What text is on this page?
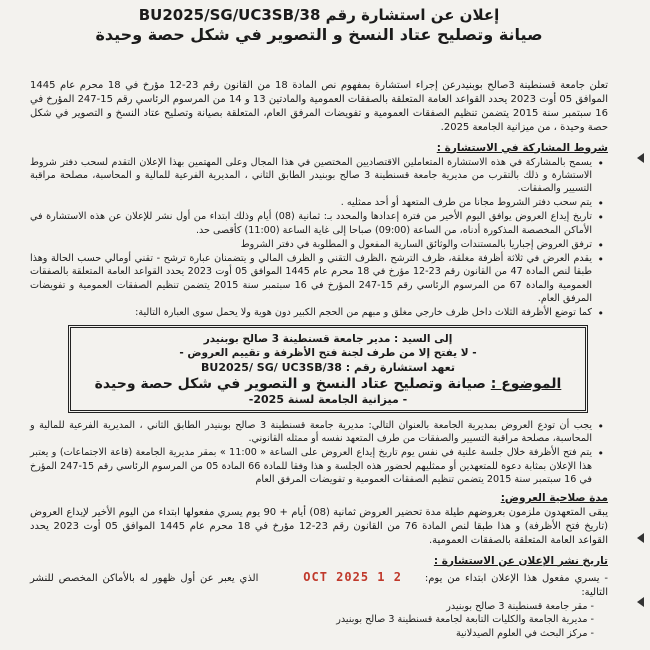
إعلان عن استشارة رقم BU2025/SG/UC3SB/38

صيانة وتصليح عتاد النسخ و التصوير في شكل حصة وحيدة

تعلن جامعة قسنطينة 3صالح بوبنيدرعن إجراء استشارة بمفهوم نص المادة 18 من القانون رقم 23-12 مؤرخ في 18 محرم عام 1445 الموافق 05 أوت 2023 يحدد القواعد العامة المتعلقة بالصفقات العمومية والمادتين 13 و 14 من المرسوم الرئاسي رقم 15-247 المؤرخ في 16 سبتمبر سنة 2015 يتضمن تنظيم الصفقات العمومية و تفويضات المرفق العام، المتعلقة بصيانة وتصليح عتاد النسخ و التصوير في شكل حصة وحيدة ، من ميزانية الجامعة 2025.

شروط المشاركة في الاستشارة :
• يسمح بالمشاركة في هذه الاستشارة المتعاملين الاقتصاديين المختصين في هذا المجال وعلى المهتمين بهذا الإعلان التقدم لسحب دفتر شروط الاستشارة و ذلك بالتقرب من مديرية جامعة قسنطينة 3 صالح بوبنيدر الطابق الثاني ، المديرية الفرعية للمالية و المحاسبة، مصلحة مراقبة التسيير والصفقات.
• يتم سحب دفتر الشروط مجانا من طرف المتعهد أو أحد ممثليه .
• تاريخ إيداع العروض يوافق اليوم الأخير من فترة إعدادها والمحدد بـ: ثمانية (08) أيام وذلك ابتداء من أول نشر للإعلان عن هذه الاستشارة في الأماكن المخصصة المذكورة أدناه، من الساعة (09:00) صباحا إلى غاية الساعة (11:00) كأقصى حد.
• ترفق العروض إجباريا بالمستندات والوثائق السارية المفعول و المطلوبة في دفتر الشروط
• يقدم العرض في ثلاثة أظرفة مغلقة، ظرف الترشح ،الظرف التقني و الظرف المالي و يتضمنان عبارة ترشح - تقني أومالي حسب الحالة وهذا طبقا لنص المادة 47 من القانون رقم 23-12 مؤرخ في 18 محرم عام 1445 الموافق 05 أوت 2023 يحدد القواعد العامة المتعلقة بالصفقات العمومية والمادة 67 من المرسوم الرئاسي رقم 15-247 المؤرخ في 16 سبتمبر سنة 2015 يتضمن تنظيم الصفقات العمومية و تفويضات المرفق العام.
• كما توضع الأظرفة الثلاث داخل ظرف خارجي مغلق و مبهم من الحجم الكبير دون هوية ولا يحمل سوى العبارة التالية:
إلى السيد : مدير جامعة قسنطينة 3 صالح بوبنيدر
- لا يفتح إلا من طرف لجنة فتح الأظرفة و تقييم العروض -
تعهد استشارة رقم : BU2025/ SG/ UC3SB/38
الموضوع : صيانة وتصليح عتاد النسخ و التصوير في شكل حصة وحيدة
- ميزانية الجامعة لسنة 2025-
• يجب أن تودع العروض بمديرية الجامعة بالعنوان التالي: مديرية جامعة قسنطينة 3 صالح بوبنيدر الطابق الثاني ، المديرية الفرعية للمالية و المحاسبة، مصلحة مراقبة التسيير والصفقات من طرف المتعهد نفسه أو ممثله القانوني.
• يتم فتح الأظرفة خلال جلسة علنية في نفس يوم تاريخ إيداع العروض على الساعة « 11:00 » بمقر مديرية الجامعة (قاعة الاجتماعات) و يعتبر هذا الإعلان بمثابة دعوة للمتعهدين أو ممثليهم لحضور هذه الجلسة و هذا وفقا للمادة 66 المادة 05 من المرسوم الرئاسي رقم 15-247 المؤرخ في 16 سبتمبر سنة 2015 يتضمن تنظيم الصفقات العمومية و تفويضات المرفق العام
مدة صلاحية العروض:

يبقى المتعهدون ملزمون بعروضهم طيلة مدة تحضير العروض ثمانية (08) أيام + 90 يوم يسري مفعولها ابتداء من اليوم الأخير لإيداع العروض (تاريخ فتح الأظرفة) و هذا طبقا لنص المادة 76 من القانون رقم 23-12 مؤرخ في 18 محرم عام 1445 الموافق 05 أوت 2023 يحدد القواعد العامة المتعلقة بالصفقات العمومية.

تاريخ نشر الإعلان عن الاستشارة :

- يسري مفعول هذا الإعلان ابتداء من يوم: 2 1 OCT 2025 الذي يعبر عن أول ظهور له بالأماكن المخصص للنشر التالية:

- مقر جامعة قسنطينة 3 صالح بوبنيدر
- مديرية الجامعة والكليات التابعة لجامعة قسنطينة 3 صالح بوبنيدر
- مركز البحث في العلوم الصيدلانية
